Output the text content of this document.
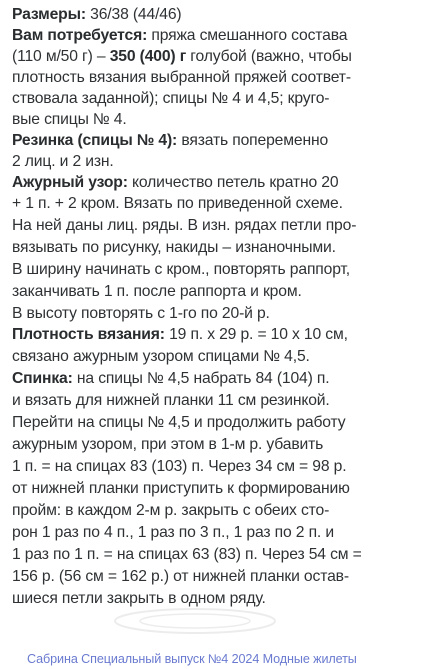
Размеры: 36/38 (44/46)
Вам потребуется: пряжа смешанного состава
(110 м/50 г) – 350 (400) г голубой (важно, чтобы
плотность вязания выбранной пряжей соответ-
ствовала заданной); спицы № 4 и 4,5; круго-
вые спицы № 4.
Резинка (спицы № 4): вязать попеременно
2 лиц. и 2 изн.
Ажурный узор: количество петель кратно 20
+ 1 п. + 2 кром. Вязать по приведенной схеме.
На ней даны лиц. ряды. В изн. рядах петли про-
вязывать по рисунку, накиды – изнаночными.
В ширину начинать с кром., повторять раппорт,
заканчивать 1 п. после раппорта и кром.
В высоту повторять с 1-го по 20-й р.
Плотность вязания: 19 п. х 29 р. = 10 х 10 см,
связано ажурным узором спицами № 4,5.
Спинка: на спицы № 4,5 набрать 84 (104) п.
и вязать для нижней планки 11 см резинкой.
Перейти на спицы № 4,5 и продолжить работу
ажурным узором, при этом в 1-м р. убавить
1 п. = на спицах 83 (103) п. Через 34 см = 98 р.
от нижней планки приступить к формированию
пройм: в каждом 2-м р. закрыть с обеих сто-
рон 1 раз по 4 п., 1 раз по 3 п., 1 раз по 2 п. и
1 раз по 1 п. = на спицах 63 (83) п. Через 54 см =
156 р. (56 см = 162 р.) от нижней планки остав-
шиеся петли закрыть в одном ряду.
Сабрина Специальный выпуск №4 2024 Модные жилеты
